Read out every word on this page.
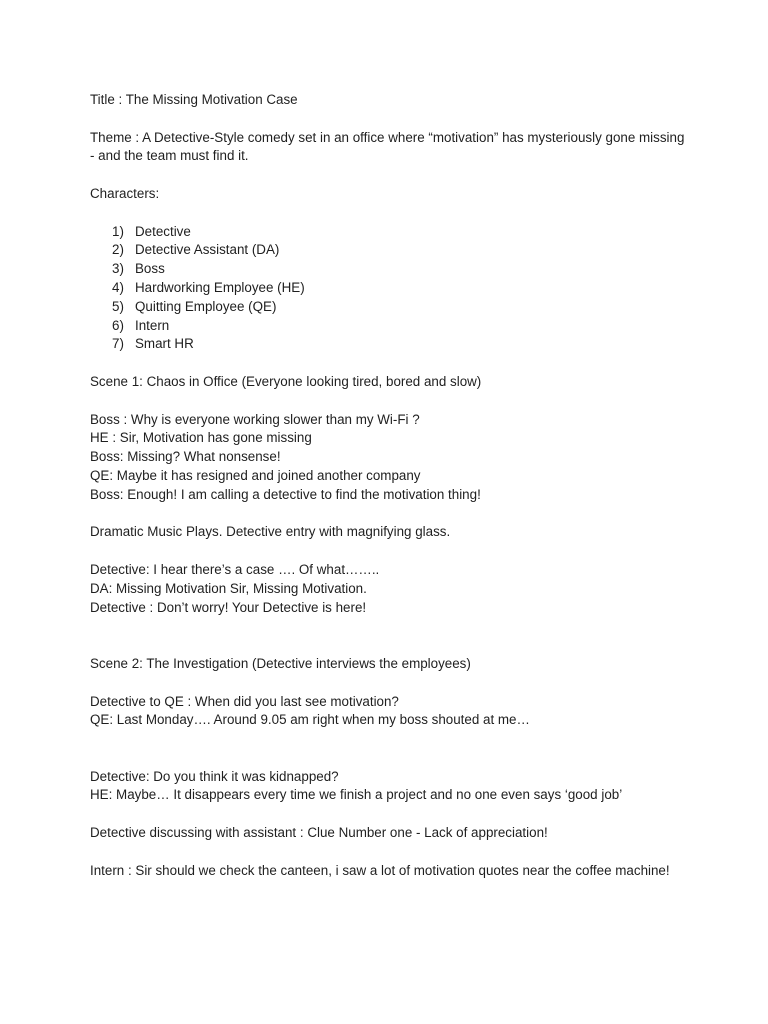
Title : The Missing Motivation Case
Theme : A Detective-Style comedy set in an office where “motivation” has mysteriously gone missing - and the team must find it.
Characters:
1) Detective
2) Detective Assistant (DA)
3) Boss
4) Hardworking Employee (HE)
5) Quitting Employee (QE)
6) Intern
7) Smart HR
Scene 1: Chaos in Office (Everyone looking tired, bored and slow)
Boss : Why is everyone working slower than my Wi-Fi ?
HE : Sir, Motivation has gone missing
Boss: Missing? What nonsense!
QE: Maybe it has resigned and joined another company
Boss: Enough! I am calling a detective to find the motivation thing!
Dramatic Music Plays. Detective entry with magnifying glass.
Detective: I hear there’s a case …. Of what……..
DA: Missing Motivation Sir, Missing Motivation.
Detective : Don’t worry! Your Detective is here!
Scene 2: The Investigation (Detective interviews the employees)
Detective to QE : When did you last see motivation?
QE: Last Monday…. Around 9.05 am right when my boss shouted at me…
Detective: Do you think it was kidnapped?
HE: Maybe… It disappears every time we finish a project and no one even says ‘good job’
Detective discussing with assistant : Clue Number one - Lack of appreciation!
Intern : Sir should we check the canteen, i saw a lot of motivation quotes near the coffee machine!
